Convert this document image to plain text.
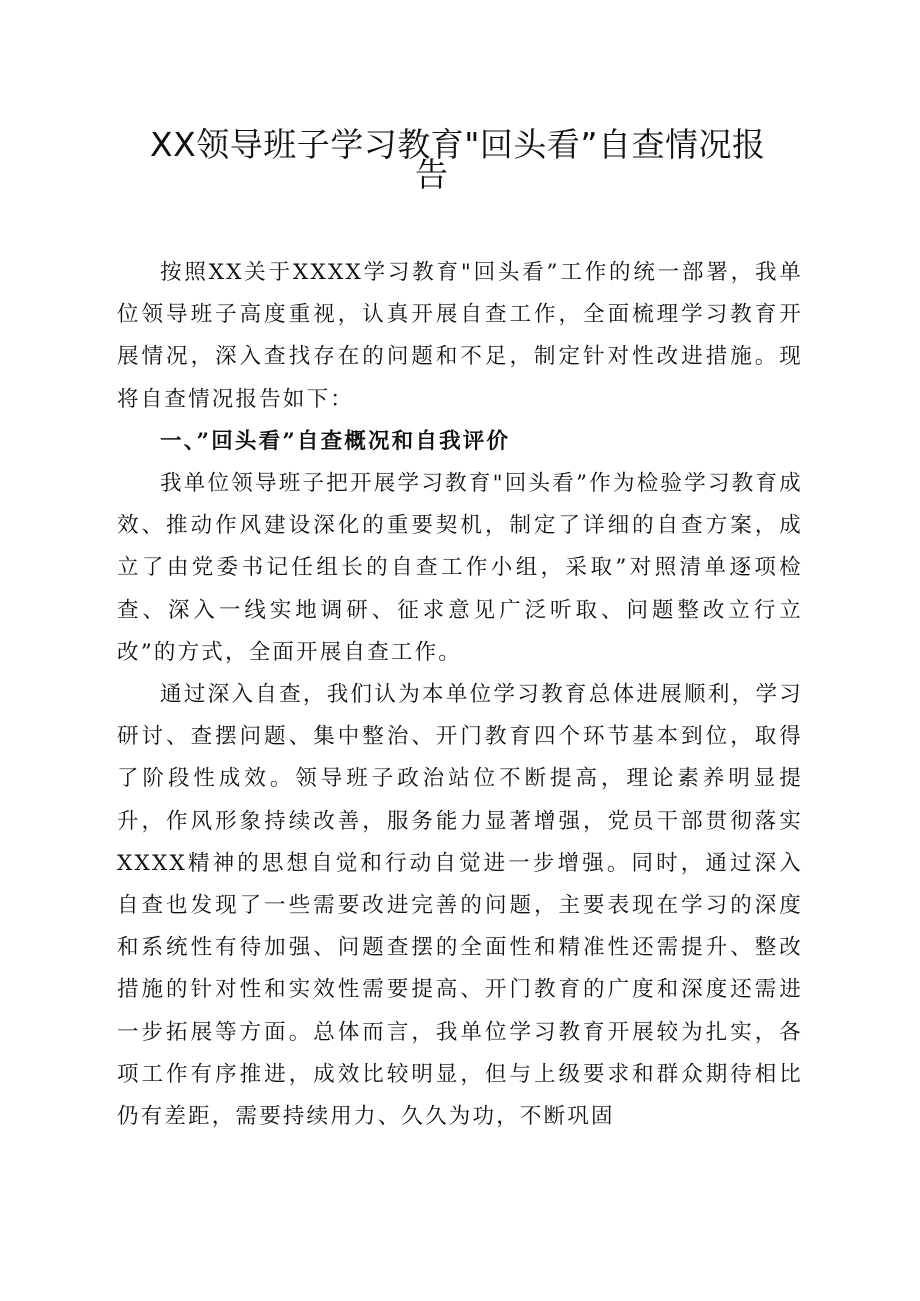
XX领导班子学习教育"回头看”自查情况报
告

按照XX关于XXXX学习教育"回头看”工作的统一部署，我单位领导班子高度重视，认真开展自查工作，全面梳理学习教育开展情况，深入查找存在的问题和不足，制定针对性改进措施。现将自查情况报告如下：

一、”回头看”自查概况和自我评价

我单位领导班子把开展学习教育"回头看”作为检验学习教育成效、推动作风建设深化的重要契机，制定了详细的自查方案，成立了由党委书记任组长的自查工作小组，采取”对照清单逐项检查、深入一线实地调研、征求意见广泛听取、问题整改立行立改”的方式，全面开展自查工作。

通过深入自查，我们认为本单位学习教育总体进展顺利，学习研讨、查摆问题、集中整治、开门教育四个环节基本到位，取得了阶段性成效。领导班子政治站位不断提高，理论素养明显提升，作风形象持续改善，服务能力显著增强，党员干部贯彻落实XXXX精神的思想自觉和行动自觉进一步增强。同时，通过深入自查也发现了一些需要改进完善的问题，主要表现在学习的深度和系统性有待加强、问题查摆的全面性和精准性还需提升、整改措施的针对性和实效性需要提高、开门教育的广度和深度还需进一步拓展等方面。总体而言，我单位学习教育开展较为扎实，各项工作有序推进，成效比较明显，但与上级要求和群众期待相比仍有差距，需要持续用力、久久为功，不断巩固
